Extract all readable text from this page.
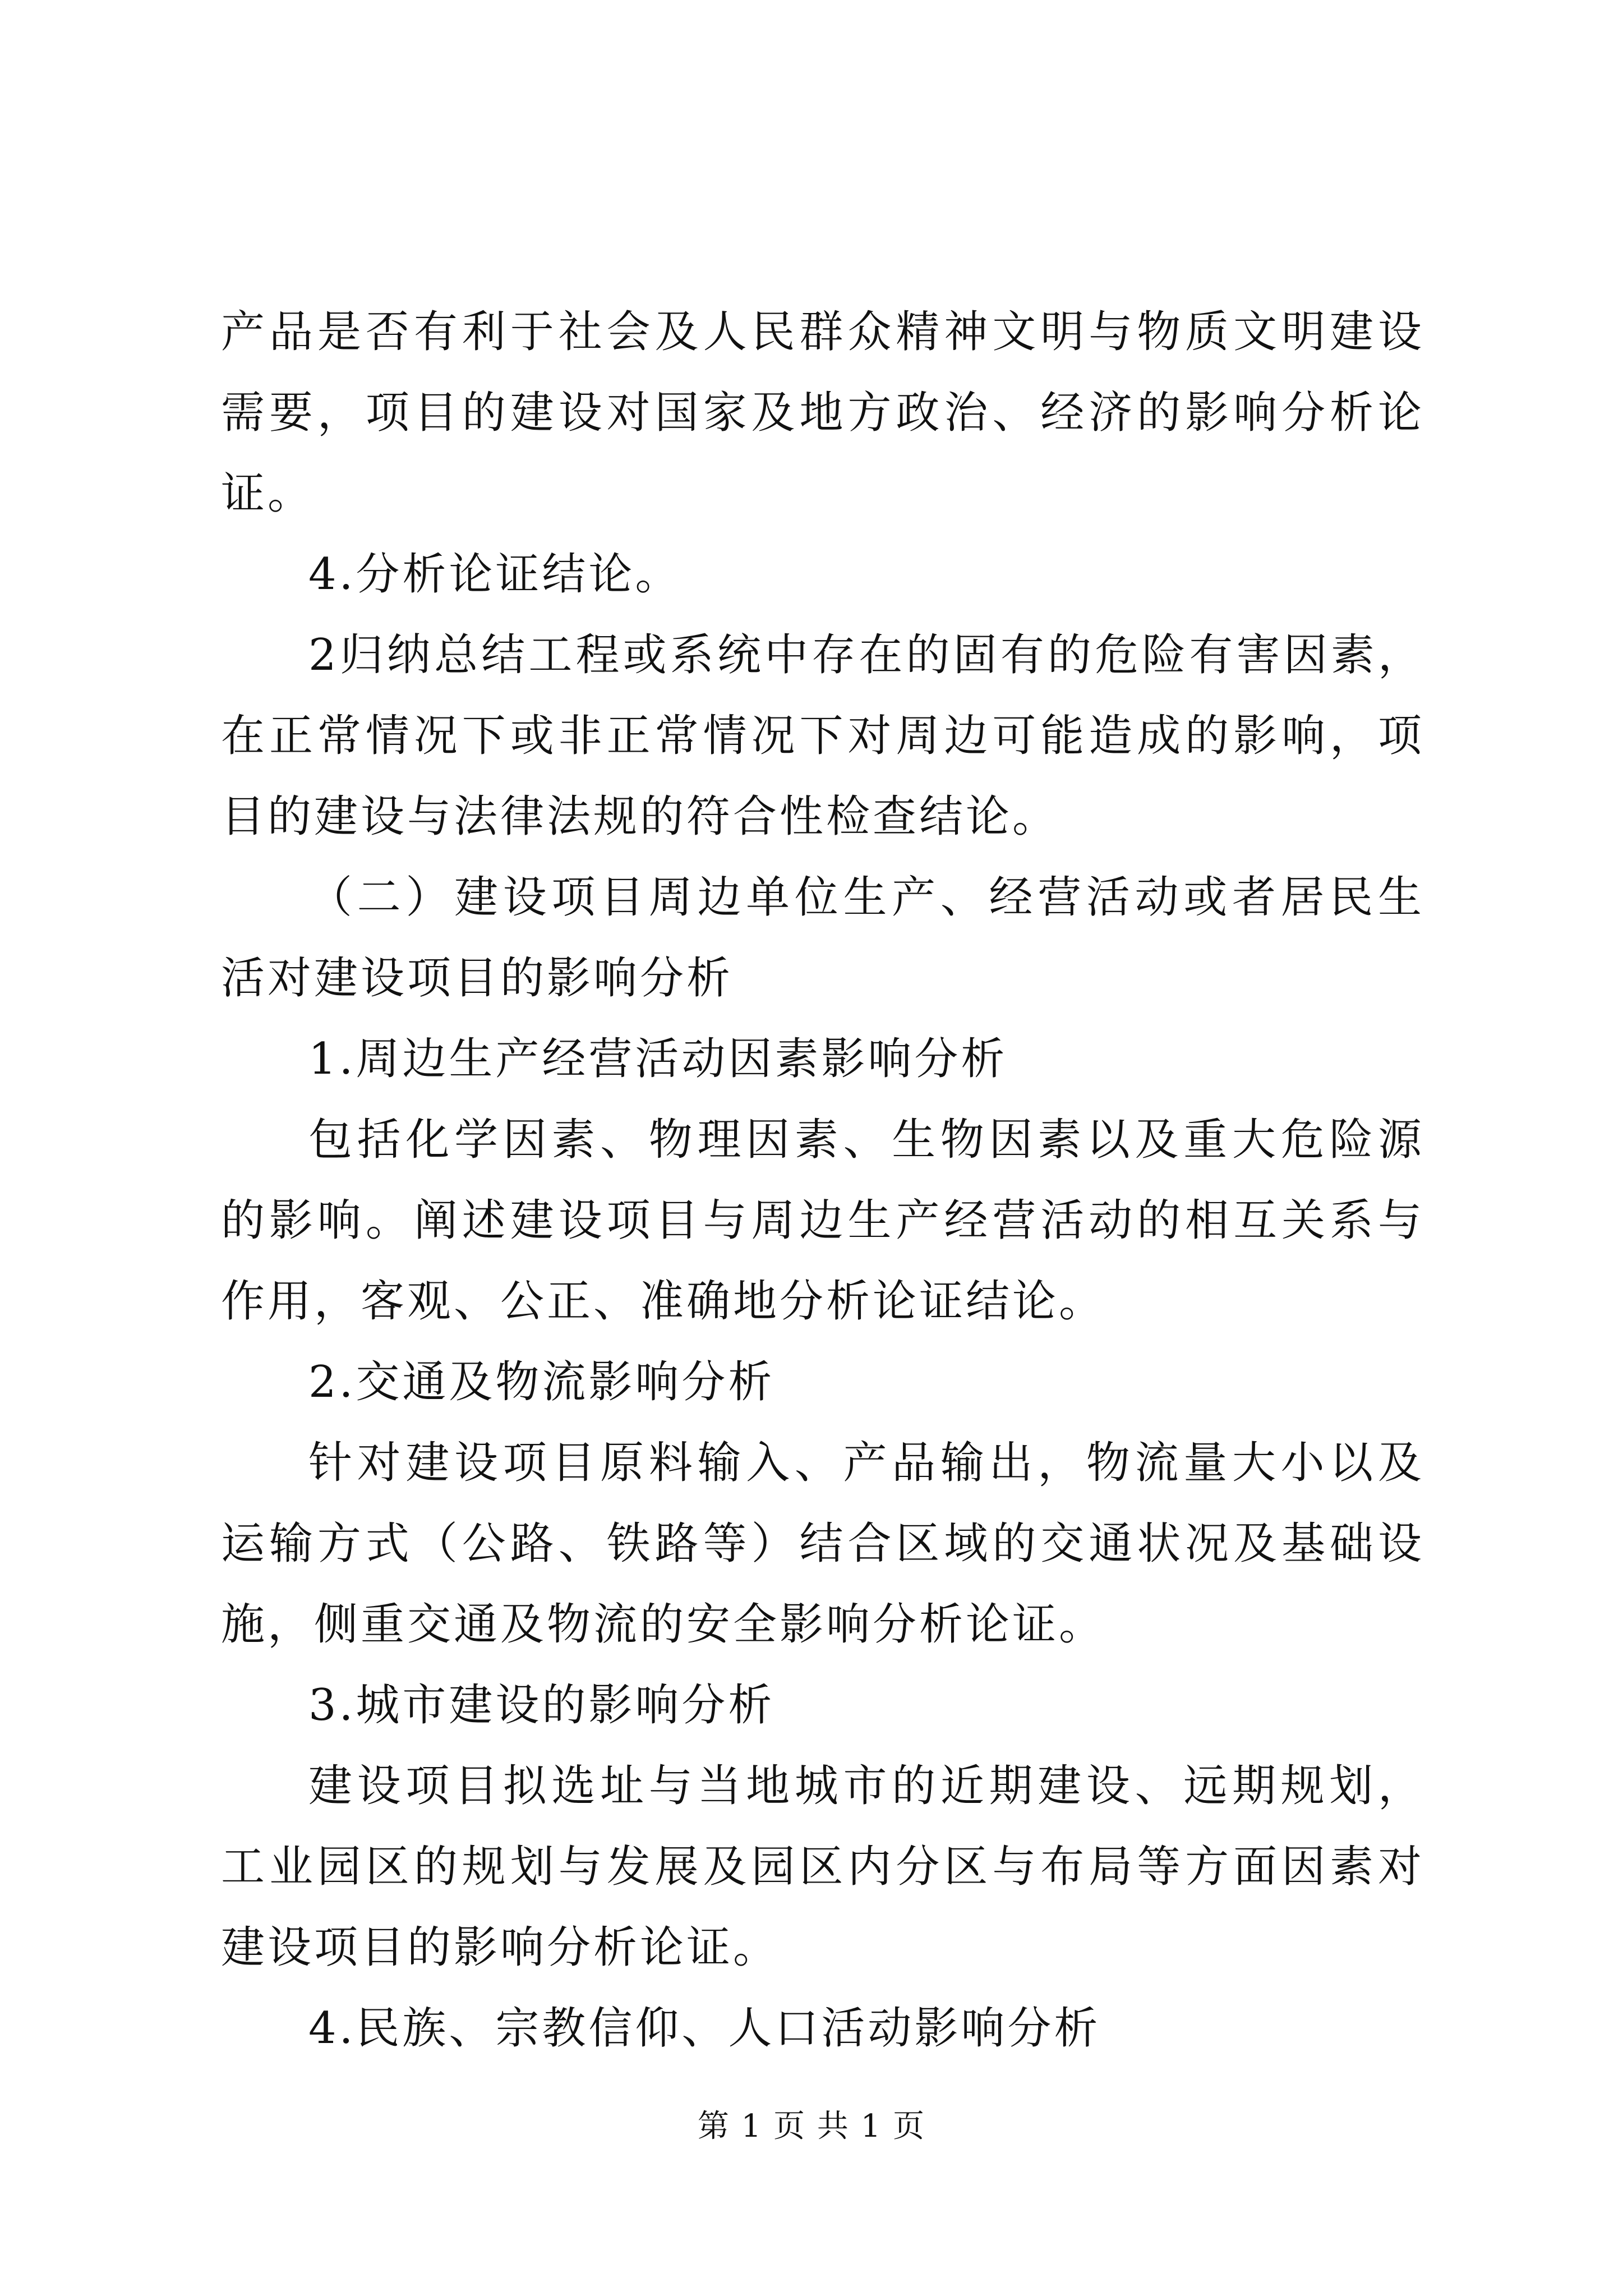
产品是否有利于社会及人民群众精神文明与物质文明建设需要，项目的建设对国家及地方政治、经济的影响分析论证。

4.分析论证结论。

2归纳总结工程或系统中存在的固有的危险有害因素，在正常情况下或非正常情况下对周边可能造成的影响，项目的建设与法律法规的符合性检查结论。

（二）建设项目周边单位生产、经营活动或者居民生活对建设项目的影响分析

1.周边生产经营活动因素影响分析

包括化学因素、物理因素、生物因素以及重大危险源的影响。阐述建设项目与周边生产经营活动的相互关系与作用，客观、公正、准确地分析论证结论。

2.交通及物流影响分析

针对建设项目原料输入、产品输出，物流量大小以及运输方式（公路、铁路等）结合区域的交通状况及基础设施，侧重交通及物流的安全影响分析论证。

3.城市建设的影响分析

建设项目拟选址与当地城市的近期建设、远期规划，工业园区的规划与发展及园区内分区与布局等方面因素对建设项目的影响分析论证。

4.民族、宗教信仰、人口活动影响分析

第 1 页 共 1 页
